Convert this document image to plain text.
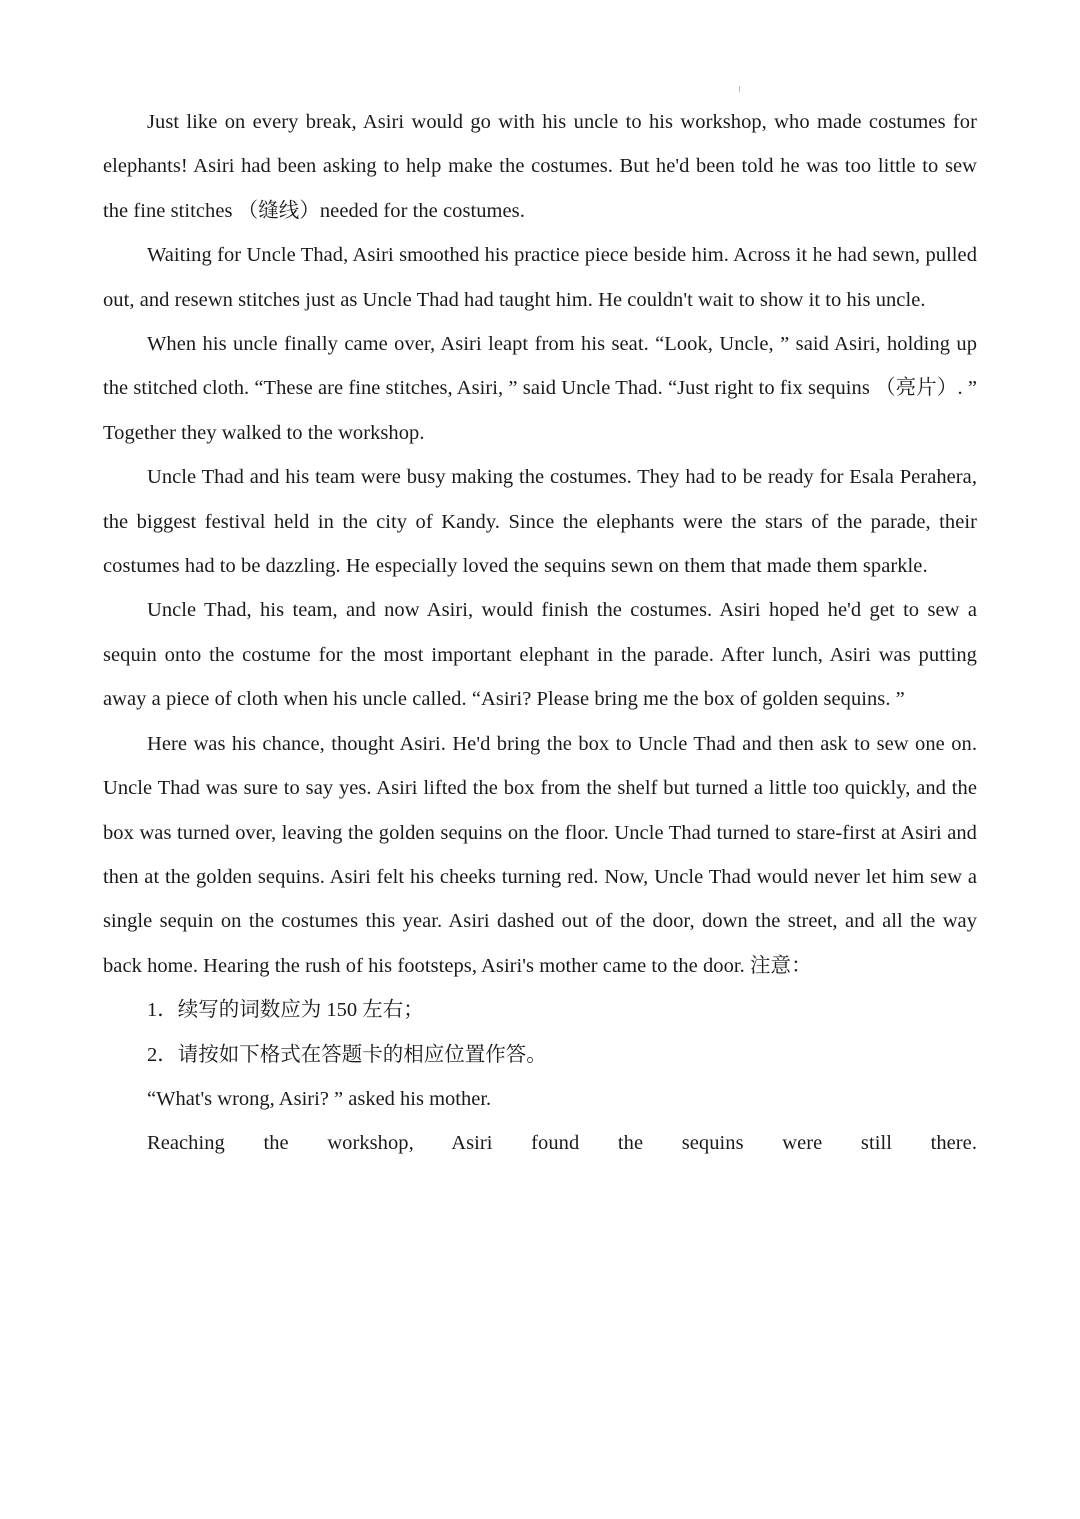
Just like on every break, Asiri would go with his uncle to his workshop, who made costumes for elephants! Asiri had been asking to help make the costumes. But he'd been told he was too little to sew the fine stitches （缝线）needed for the costumes.

Waiting for Uncle Thad, Asiri smoothed his practice piece beside him. Across it he had sewn, pulled out, and resewn stitches just as Uncle Thad had taught him. He couldn't wait to show it to his uncle.

When his uncle finally came over, Asiri leapt from his seat. “Look, Uncle, ” said Asiri, holding up the stitched cloth. “These are fine stitches, Asiri, ” said Uncle Thad. “Just right to fix sequins （亮片）. ” Together they walked to the workshop.

Uncle Thad and his team were busy making the costumes. They had to be ready for Esala Perahera, the biggest festival held in the city of Kandy. Since the elephants were the stars of the parade, their costumes had to be dazzling. He especially loved the sequins sewn on them that made them sparkle.

Uncle Thad, his team, and now Asiri, would finish the costumes. Asiri hoped he'd get to sew a sequin onto the costume for the most important elephant in the parade. After lunch, Asiri was putting away a piece of cloth when his uncle called. “Asiri? Please bring me the box of golden sequins. ”

Here was his chance, thought Asiri. He'd bring the box to Uncle Thad and then ask to sew one on. Uncle Thad was sure to say yes. Asiri lifted the box from the shelf but turned a little too quickly, and the box was turned over, leaving the golden sequins on the floor. Uncle Thad turned to stare-first at Asiri and then at the golden sequins. Asiri felt his cheeks turning red. Now, Uncle Thad would never let him sew a single sequin on the costumes this year. Asiri dashed out of the door, down the street, and all the way back home. Hearing the rush of his footsteps, Asiri's mother came to the door. 注意：

1．续写的词数应为 150 左右；

2．请按如下格式在答题卡的相应位置作答。

“What's wrong, Asiri? ” asked his mother.

Reaching the workshop, Asiri found the sequins were still there.
